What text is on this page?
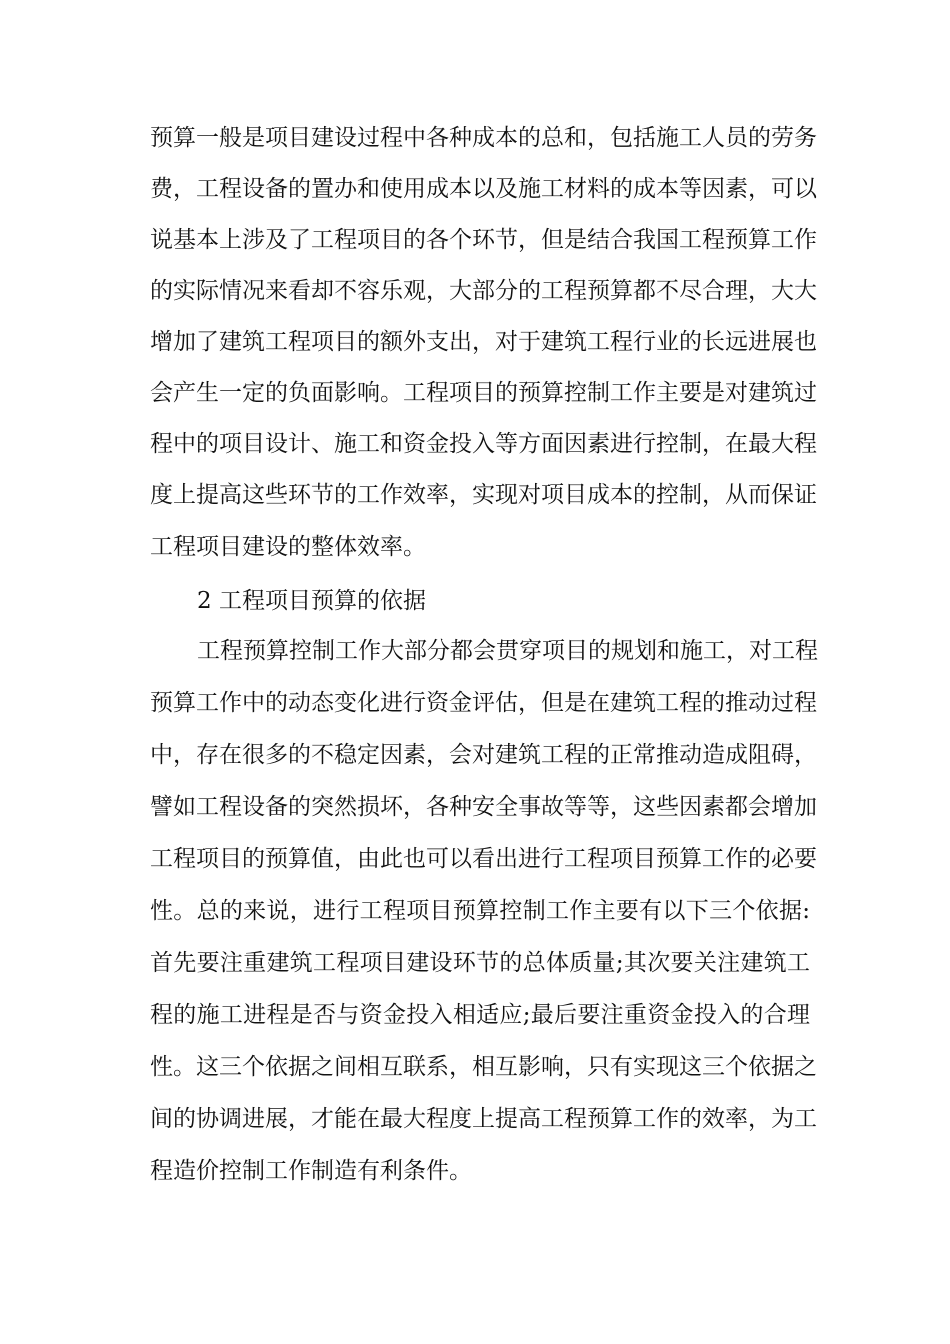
预算一般是项目建设过程中各种成本的总和，包括施工人员的劳务
费，工程设备的置办和使用成本以及施工材料的成本等因素，可以
说基本上涉及了工程项目的各个环节，但是结合我国工程预算工作
的实际情况来看却不容乐观，大部分的工程预算都不尽合理，大大
增加了建筑工程项目的额外支出，对于建筑工程行业的长远进展也
会产生一定的负面影响。工程项目的预算控制工作主要是对建筑过
程中的项目设计、施工和资金投入等方面因素进行控制，在最大程
度上提高这些环节的工作效率，实现对项目成本的控制，从而保证
工程项目建设的整体效率。
2 工程项目预算的依据
工程预算控制工作大部分都会贯穿项目的规划和施工，对工程
预算工作中的动态变化进行资金评估，但是在建筑工程的推动过程
中，存在很多的不稳定因素，会对建筑工程的正常推动造成阻碍，
譬如工程设备的突然损坏，各种安全事故等等，这些因素都会增加
工程项目的预算值，由此也可以看出进行工程项目预算工作的必要
性。总的来说，进行工程项目预算控制工作主要有以下三个依据:
首先要注重建筑工程项目建设环节的总体质量;其次要关注建筑工
程的施工进程是否与资金投入相适应;最后要注重资金投入的合理
性。这三个依据之间相互联系，相互影响，只有实现这三个依据之
间的协调进展，才能在最大程度上提高工程预算工作的效率，为工
程造价控制工作制造有利条件。
